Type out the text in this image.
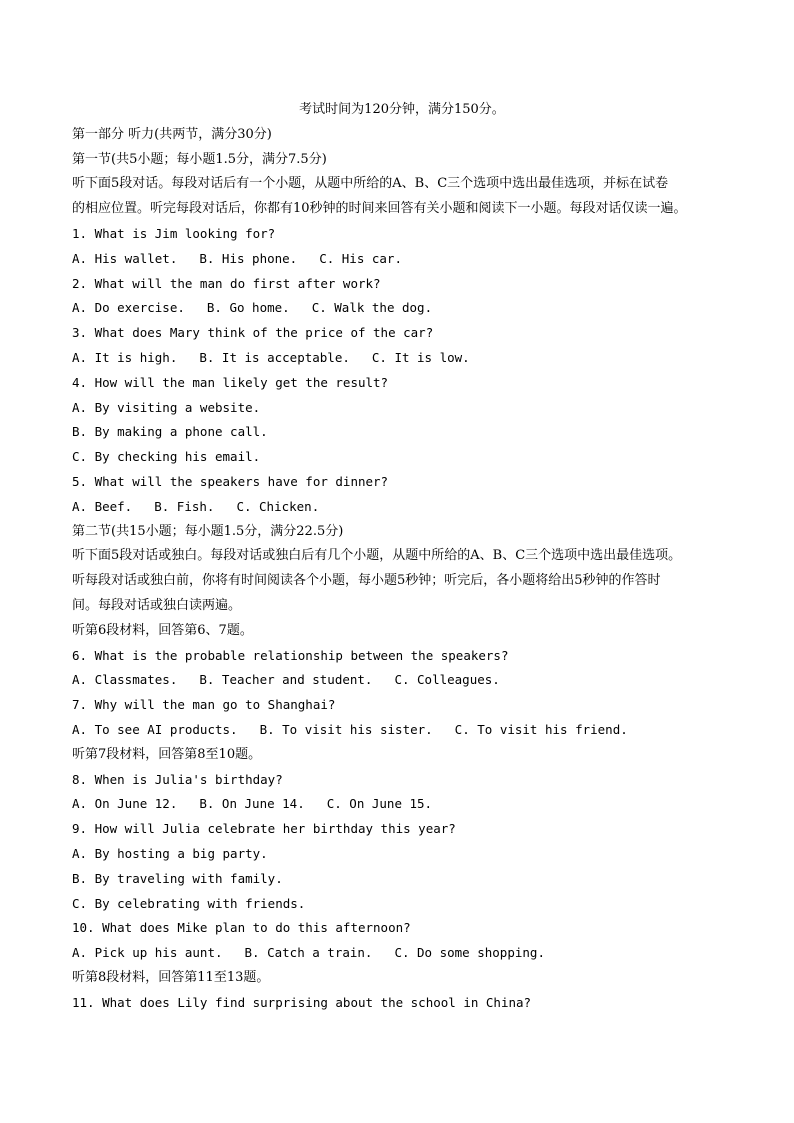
考试时间为120分钟，满分150分。
第一部分 听力(共两节，满分30分)
第一节(共5小题；每小题1.5分，满分7.5分)
听下面5段对话。每段对话后有一个小题，从题中所给的A、B、C三个选项中选出最佳选项，并标在试卷
的相应位置。听完每段对话后，你都有10秒钟的时间来回答有关小题和阅读下一小题。每段对话仅读一遍。
1. What is Jim looking for?
A. His wallet. B. His phone. C. His car.
2. What will the man do first after work?
A. Do exercise. B. Go home. C. Walk the dog.
3. What does Mary think of the price of the car?
A. It is high. B. It is acceptable. C. It is low.
4. How will the man likely get the result?
A. By visiting a website.
B. By making a phone call.
C. By checking his email.
5. What will the speakers have for dinner?
A. Beef. B. Fish. C. Chicken.
第二节(共15小题；每小题1.5分，满分22.5分)
听下面5段对话或独白。每段对话或独白后有几个小题，从题中所给的A、B、C三个选项中选出最佳选项。
听每段对话或独白前，你将有时间阅读各个小题，每小题5秒钟；听完后，各小题将给出5秒钟的作答时
间。每段对话或独白读两遍。
听第6段材料，回答第6、7题。
6. What is the probable relationship between the speakers?
A. Classmates. B. Teacher and student. C. Colleagues.
7. Why will the man go to Shanghai?
A. To see AI products. B. To visit his sister. C. To visit his friend.
听第7段材料，回答第8至10题。
8. When is Julia's birthday?
A. On June 12. B. On June 14. C. On June 15.
9. How will Julia celebrate her birthday this year?
A. By hosting a big party.
B. By traveling with family.
C. By celebrating with friends.
10. What does Mike plan to do this afternoon?
A. Pick up his aunt. B. Catch a train. C. Do some shopping.
听第8段材料，回答第11至13题。
11. What does Lily find surprising about the school in China?
